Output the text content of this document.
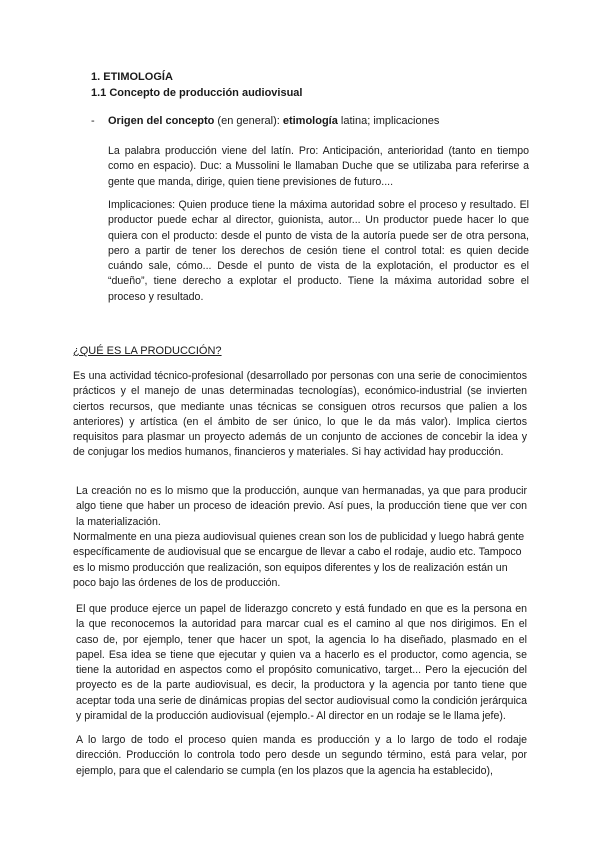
1. ETIMOLOGÍA
1.1 Concepto de producción audiovisual
- Origen del concepto (en general): etimología latina; implicaciones

La palabra producción viene del latín. Pro: Anticipación, anterioridad (tanto en tiempo como en espacio). Duc: a Mussolini le llamaban Duche que se utilizaba para referirse a gente que manda, dirige, quien tiene previsiones de futuro....

Implicaciones: Quien produce tiene la máxima autoridad sobre el proceso y resultado. El productor puede echar al director, guionista, autor... Un productor puede hacer lo que quiera con el producto: desde el punto de vista de la autoría puede ser de otra persona, pero a partir de tener los derechos de cesión tiene el control total: es quien decide cuándo sale, cómo... Desde el punto de vista de la explotación, el productor es el “dueño”, tiene derecho a explotar el producto. Tiene la máxima autoridad sobre el proceso y resultado.

¿QUÉ ES LA PRODUCCIÓN?

Es una actividad técnico-profesional (desarrollado por personas con una serie de conocimientos prácticos y el manejo de unas determinadas tecnologías), económico-industrial (se invierten ciertos recursos, que mediante unas técnicas se consiguen otros recursos que palien a los anteriores) y artística (en el ámbito de ser único, lo que le da más valor). Implica ciertos requisitos para plasmar un proyecto además de un conjunto de acciones de concebir la idea y de conjugar los medios humanos, financieros y materiales. Si hay actividad hay producción.

La creación no es lo mismo que la producción, aunque van hermanadas, ya que para producir algo tiene que haber un proceso de ideación previo. Así pues, la producción tiene que ver con la materialización.

Normalmente en una pieza audiovisual quienes crean son los de publicidad y luego habrá gente específicamente de audiovisual que se encargue de llevar a cabo el rodaje, audio etc. Tampoco es lo mismo producción que realización, son equipos diferentes y los de realización están un poco bajo las órdenes de los de producción.

El que produce ejerce un papel de liderazgo concreto y está fundado en que es la persona en la que reconocemos la autoridad para marcar cual es el camino al que nos dirigimos. En el caso de, por ejemplo, tener que hacer un spot, la agencia lo ha diseñado, plasmado en el papel. Esa idea se tiene que ejecutar y quien va a hacerlo es el productor, como agencia, se tiene la autoridad en aspectos como el propósito comunicativo, target... Pero la ejecución del proyecto es de la parte audiovisual, es decir, la productora y la agencia por tanto tiene que aceptar toda una serie de dinámicas propias del sector audiovisual como la condición jerárquica y piramidal de la producción audiovisual (ejemplo.- Al director en un rodaje se le llama jefe).

A lo largo de todo el proceso quien manda es producción y a lo largo de todo el rodaje dirección. Producción lo controla todo pero desde un segundo término, está para velar, por ejemplo, para que el calendario se cumpla (en los plazos que la agencia ha establecido),
